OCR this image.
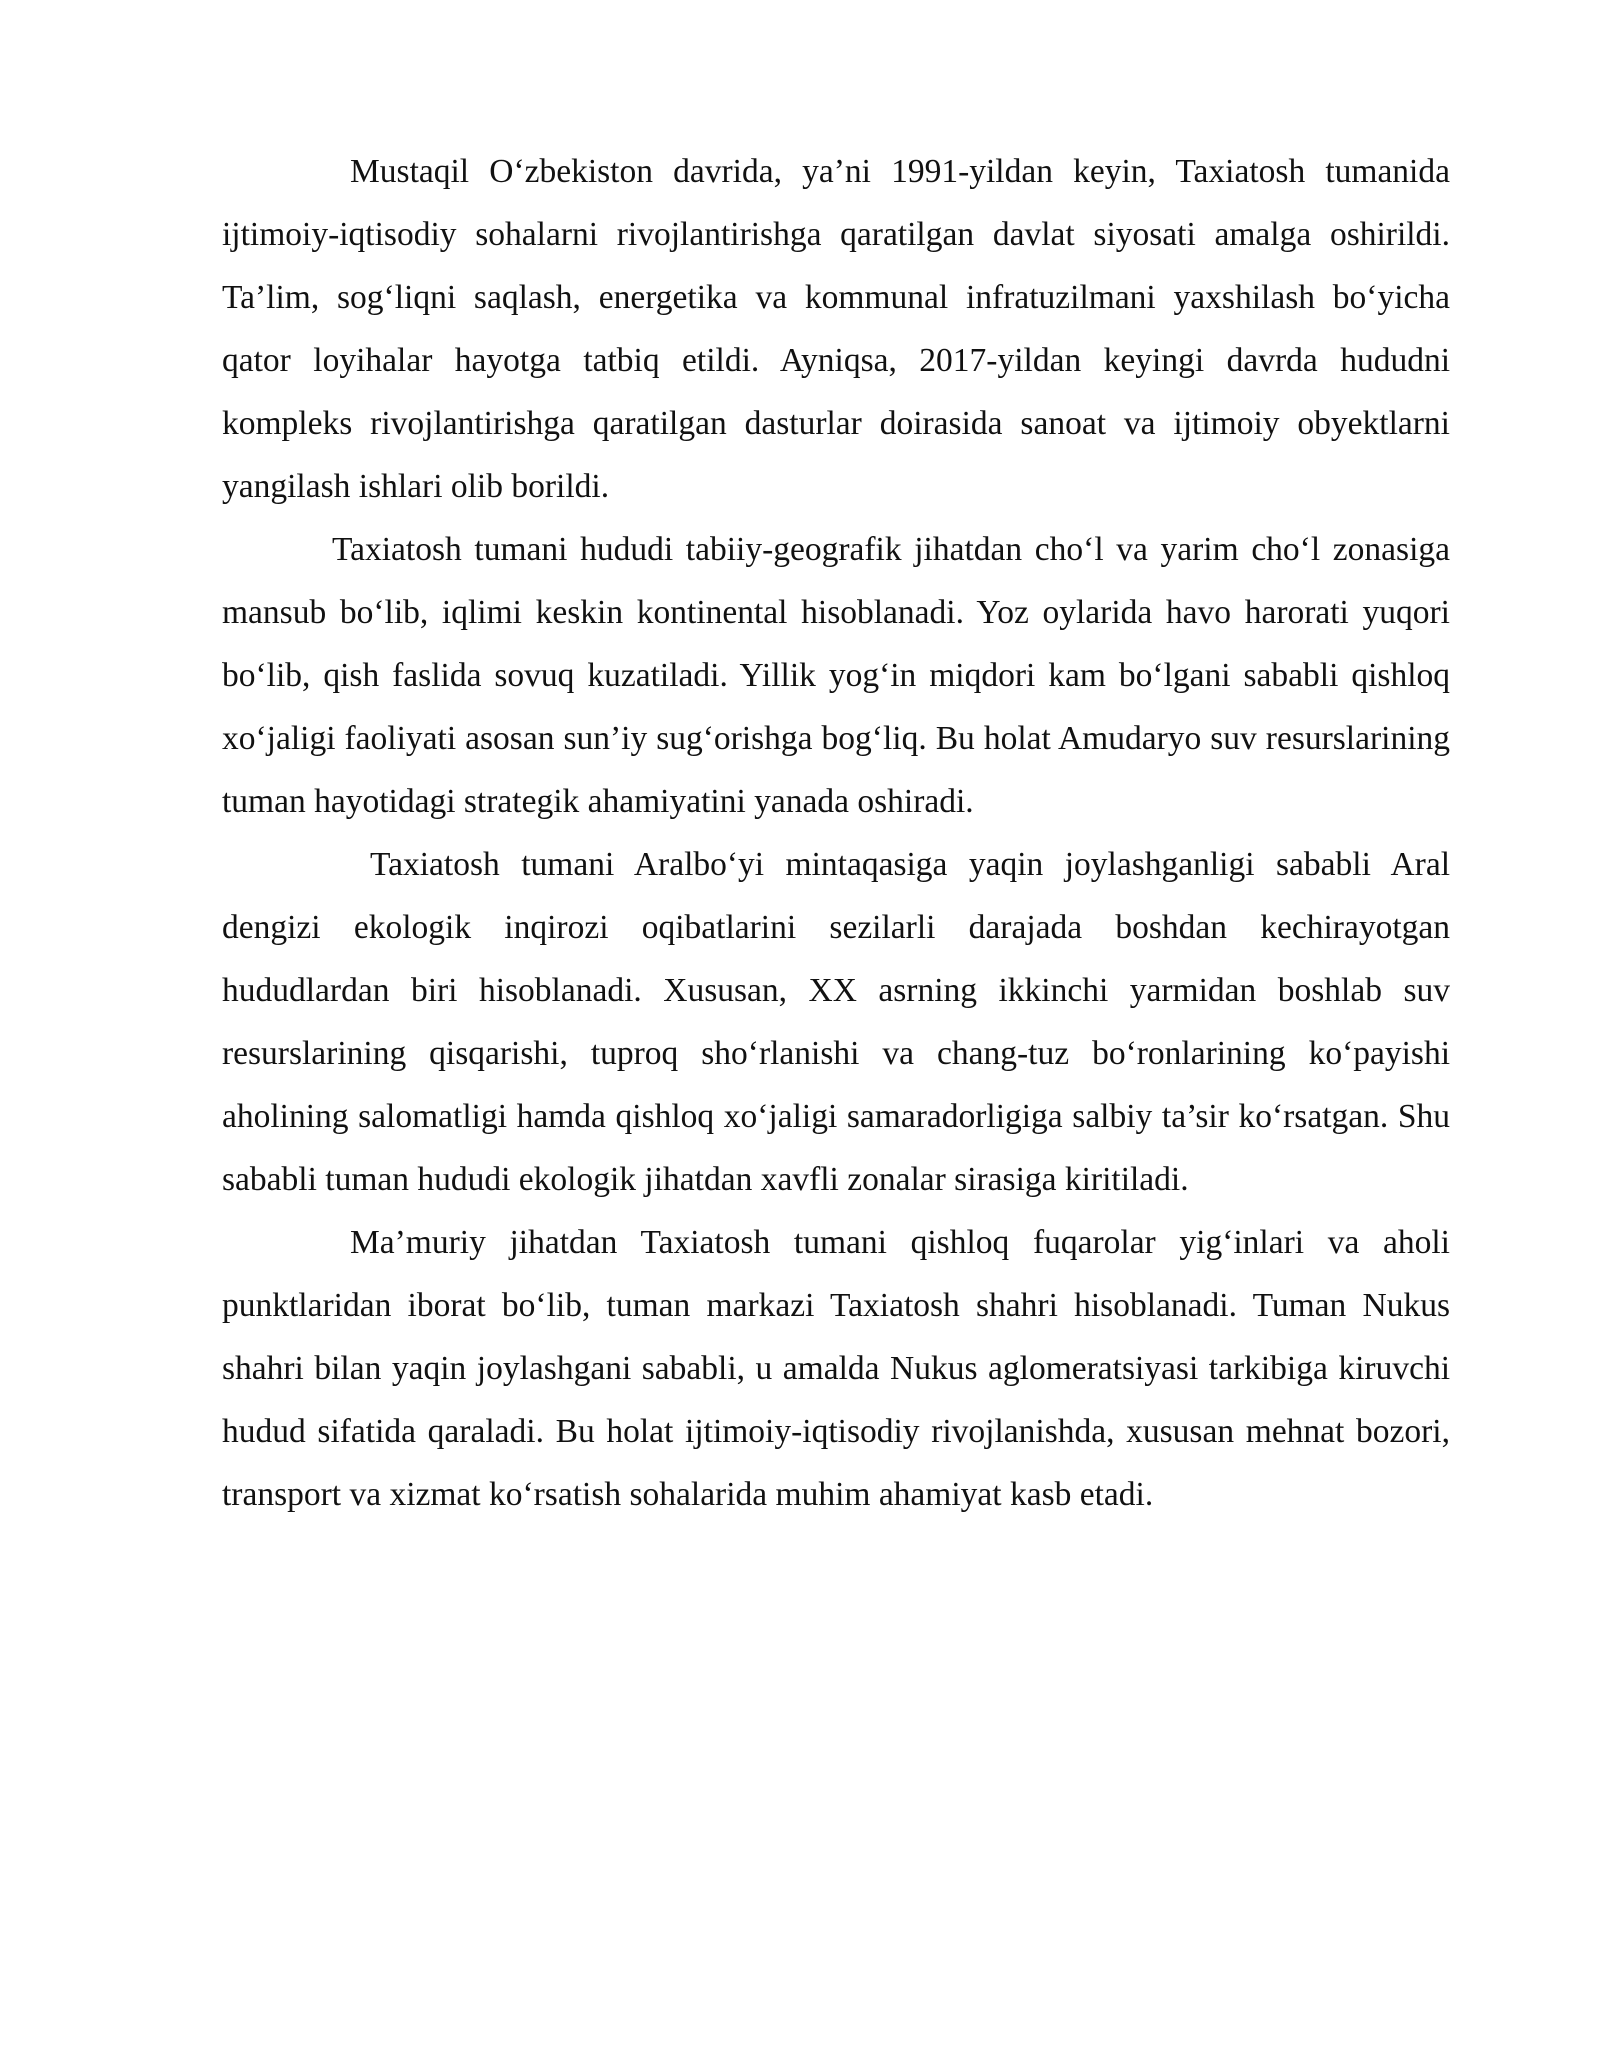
Mustaqil O‘zbekiston davrida, ya’ni 1991-yildan keyin, Taxiatosh tumanida ijtimoiy-iqtisodiy sohalarni rivojlantirishga qaratilgan davlat siyosati amalga oshirildi. Ta’lim, sog‘liqni saqlash, energetika va kommunal infratuzilmani yaxshilash bo‘yicha qator loyihalar hayotga tatbiq etildi. Ayniqsa, 2017-yildan keyingi davrda hududni kompleks rivojlantirishga qaratilgan dasturlar doirasida sanoat va ijtimoiy obyektlarni yangilash ishlari olib borildi.

Taxiatosh tumani hududi tabiiy-geografik jihatdan cho‘l va yarim cho‘l zonasiga mansub bo‘lib, iqlimi keskin kontinental hisoblanadi. Yoz oylarida havo harorati yuqori bo‘lib, qish faslida sovuq kuzatiladi. Yillik yog‘in miqdori kam bo‘lgani sababli qishloq xo‘jaligi faoliyati asosan sun’iy sug‘orishga bog‘liq. Bu holat Amudaryo suv resurslarining tuman hayotidagi strategik ahamiyatini yanada oshiradi.

Taxiatosh tumani Aralbo‘yi mintaqasiga yaqin joylashganligi sababli Aral dengizi ekologik inqirozi oqibatlarini sezilarli darajada boshdan kechirayotgan hududlardan biri hisoblanadi. Xususan, XX asrning ikkinchi yarmidan boshlab suv resurslarining qisqarishi, tuproq sho‘rlanishi va chang-tuz bo‘ronlarining ko‘payishi aholining salomatligi hamda qishloq xo‘jaligi samaradorligiga salbiy ta’sir ko‘rsatgan. Shu sababli tuman hududi ekologik jihatdan xavfli zonalar sirasiga kiritiladi.

Ma’muriy jihatdan Taxiatosh tumani qishloq fuqarolar yig‘inlari va aholi punktlaridan iborat bo‘lib, tuman markazi Taxiatosh shahri hisoblanadi. Tuman Nukus shahri bilan yaqin joylashgani sababli, u amalda Nukus aglomeratsiyasi tarkibiga kiruvchi hudud sifatida qaraladi. Bu holat ijtimoiy-iqtisodiy rivojlanishda, xususan mehnat bozori, transport va xizmat ko‘rsatish sohalarida muhim ahamiyat kasb etadi.
